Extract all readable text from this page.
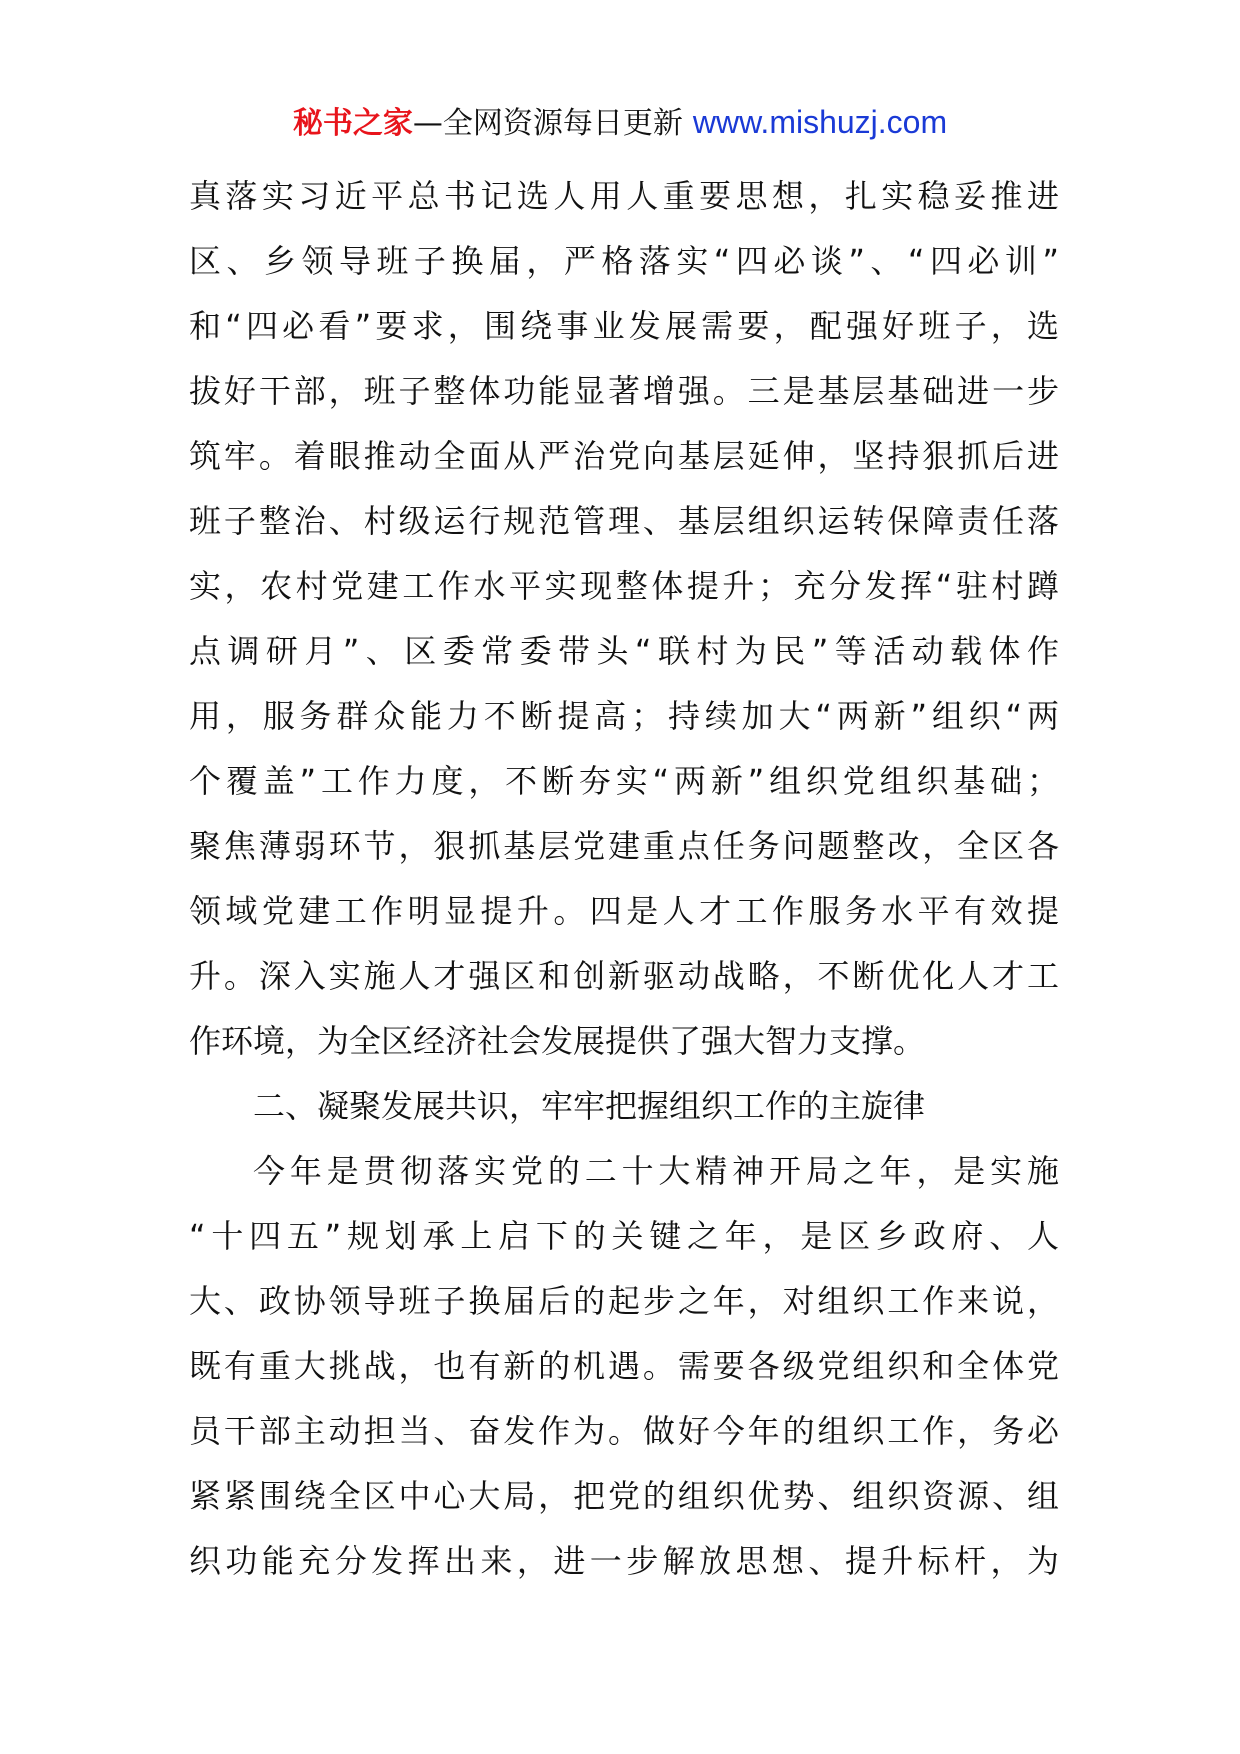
秘书之家—全网资源每日更新 www.mishuzj.com
真落实习近平总书记选人用人重要思想，扎实稳妥推进
区、乡领导班子换届，严格落实“四必谈”、“四必训”
和“四必看”要求，围绕事业发展需要，配强好班子，选
拔好干部，班子整体功能显著增强。三是基层基础进一步
筑牢。着眼推动全面从严治党向基层延伸，坚持狠抓后进
班子整治、村级运行规范管理、基层组织运转保障责任落
实，农村党建工作水平实现整体提升；充分发挥“驻村蹲
点调研月”、区委常委带头“联村为民”等活动载体作
用，服务群众能力不断提高；持续加大“两新”组织“两
个覆盖”工作力度，不断夯实“两新”组织党组织基础；
聚焦薄弱环节，狠抓基层党建重点任务问题整改，全区各
领域党建工作明显提升。四是人才工作服务水平有效提
升。深入实施人才强区和创新驱动战略，不断优化人才工
作环境，为全区经济社会发展提供了强大智力支撑。
二、凝聚发展共识，牢牢把握组织工作的主旋律
今年是贯彻落实党的二十大精神开局之年，是实施
“十四五”规划承上启下的关键之年，是区乡政府、人
大、政协领导班子换届后的起步之年，对组织工作来说，
既有重大挑战，也有新的机遇。需要各级党组织和全体党
员干部主动担当、奋发作为。做好今年的组织工作，务必
紧紧围绕全区中心大局，把党的组织优势、组织资源、组
织功能充分发挥出来，进一步解放思想、提升标杆，为
